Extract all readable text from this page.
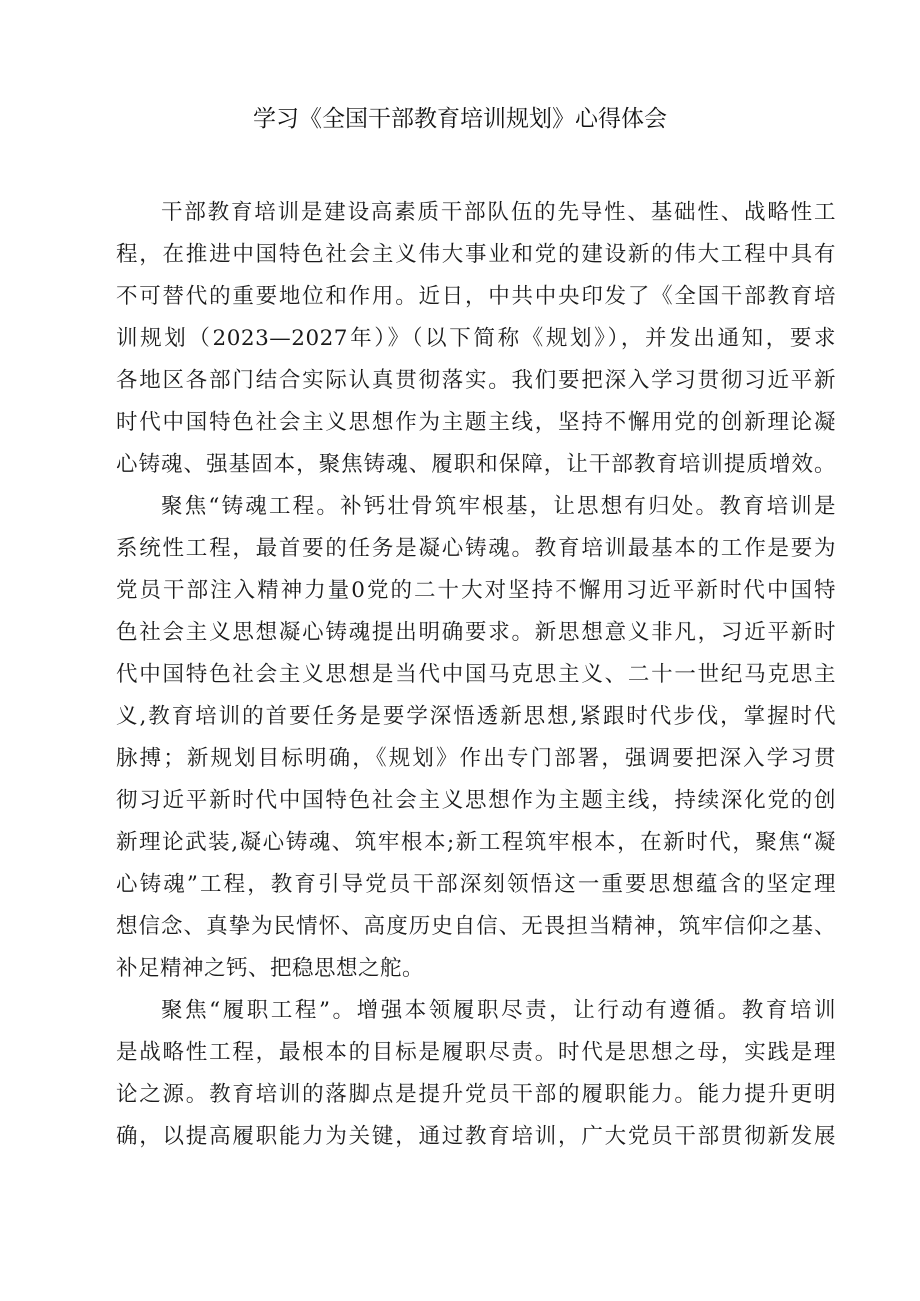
学习《全国干部教育培训规划》心得体会

干部教育培训是建设高素质干部队伍的先导性、基础性、战略性工
程，在推进中国特色社会主义伟大事业和党的建设新的伟大工程中具有
不可替代的重要地位和作用。近日，中共中央印发了《全国干部教育培
训规划（2023—2027年）》（以下简称《规划》），并发出通知，要求
各地区各部门结合实际认真贯彻落实。我们要把深入学习贯彻习近平新
时代中国特色社会主义思想作为主题主线，坚持不懈用党的创新理论凝
心铸魂、强基固本，聚焦铸魂、履职和保障，让干部教育培训提质增效。

聚焦“铸魂工程。补钙壮骨筑牢根基，让思想有归处。教育培训是
系统性工程，最首要的任务是凝心铸魂。教育培训最基本的工作是要为
党员干部注入精神力量0党的二十大对坚持不懈用习近平新时代中国特
色社会主义思想凝心铸魂提出明确要求。新思想意义非凡，习近平新时
代中国特色社会主义思想是当代中国马克思主义、二十一世纪马克思主
义,教育培训的首要任务是要学深悟透新思想,紧跟时代步伐，掌握时代
脉搏；新规划目标明确，《规划》作出专门部署，强调要把深入学习贯
彻习近平新时代中国特色社会主义思想作为主题主线，持续深化党的创
新理论武装,凝心铸魂、筑牢根本;新工程筑牢根本，在新时代，聚焦“凝
心铸魂”工程，教育引导党员干部深刻领悟这一重要思想蕴含的坚定理
想信念、真挚为民情怀、高度历史自信、无畏担当精神，筑牢信仰之基、
补足精神之钙、把稳思想之舵。

聚焦“履职工程”。增强本领履职尽责，让行动有遵循。教育培训
是战略性工程，最根本的目标是履职尽责。时代是思想之母，实践是理
论之源。教育培训的落脚点是提升党员干部的履职能力。能力提升更明
确，以提高履职能力为关键，通过教育培训，广大党员干部贯彻新发展
